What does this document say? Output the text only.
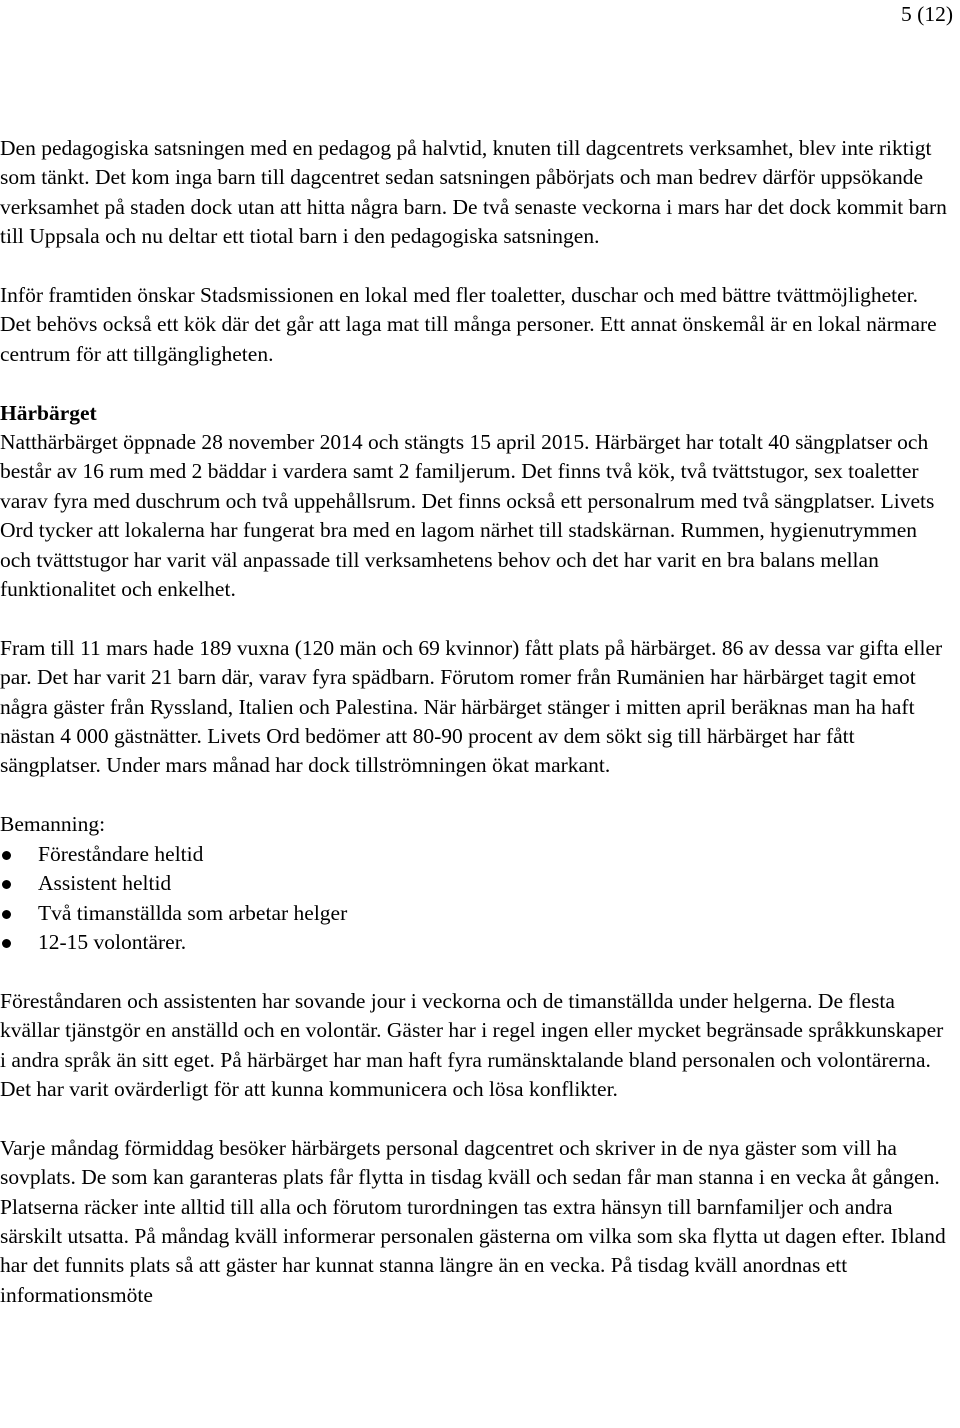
5 (12)

Den pedagogiska satsningen med en pedagog på halvtid, knuten till dagcentrets verksamhet, blev inte riktigt som tänkt. Det kom inga barn till dagcentret sedan satsningen påbörjats och man bedrev därför uppsökande verksamhet på staden dock utan att hitta några barn. De två senaste veckorna i mars har det dock kommit barn till Uppsala och nu deltar ett tiotal barn i den pedagogiska satsningen.

Inför framtiden önskar Stadsmissionen en lokal med fler toaletter, duschar och med bättre tvättmöjligheter. Det behövs också ett kök där det går att laga mat till många personer. Ett annat önskemål är en lokal närmare centrum för att tillgängligheten.

Härbärget

Natthärbärget öppnade 28 november 2014 och stängts 15 april 2015. Härbärget har totalt 40 sängplatser och består av 16 rum med 2 bäddar i vardera samt 2 familjerum. Det finns två kök, två tvättstugor, sex toaletter varav fyra med duschrum och två uppehållsrum. Det finns också ett personalrum med två sängplatser. Livets Ord tycker att lokalerna har fungerat bra med en lagom närhet till stadskärnan. Rummen, hygienutrymmen och tvättstugor har varit väl anpassade till verksamhetens behov och det har varit en bra balans mellan funktionalitet och enkelhet.

Fram till 11 mars hade 189 vuxna (120 män och 69 kvinnor) fått plats på härbärget. 86 av dessa var gifta eller par. Det har varit 21 barn där, varav fyra spädbarn. Förutom romer från Rumänien har härbärget tagit emot några gäster från Ryssland, Italien och Palestina. När härbärget stänger i mitten april beräknas man ha haft nästan 4 000 gästnätter. Livets Ord bedömer att 80-90 procent av dem sökt sig till härbärget har fått sängplatser. Under mars månad har dock tillströmningen ökat markant.

Bemanning:

Föreståndare heltid
Assistent heltid
Två timanställda som arbetar helger
12-15 volontärer.

Föreståndaren och assistenten har sovande jour i veckorna och de timanställda under helgerna. De flesta kvällar tjänstgör en anställd och en volontär. Gäster har i regel ingen eller mycket begränsade språkkunskaper i andra språk än sitt eget. På härbärget har man haft fyra rumänsktalande bland personalen och volontärerna. Det har varit ovärderligt för att kunna kommunicera och lösa konflikter.

Varje måndag förmiddag besöker härbärgets personal dagcentret och skriver in de nya gäster som vill ha sovplats. De som kan garanteras plats får flytta in tisdag kväll och sedan får man stanna i en vecka åt gången. Platserna räcker inte alltid till alla och förutom turordningen tas extra hänsyn till barnfamiljer och andra särskilt utsatta. På måndag kväll informerar personalen gästerna om vilka som ska flytta ut dagen efter. Ibland har det funnits plats så att gäster har kunnat stanna längre än en vecka. På tisdag kväll anordnas ett informationsmöte
